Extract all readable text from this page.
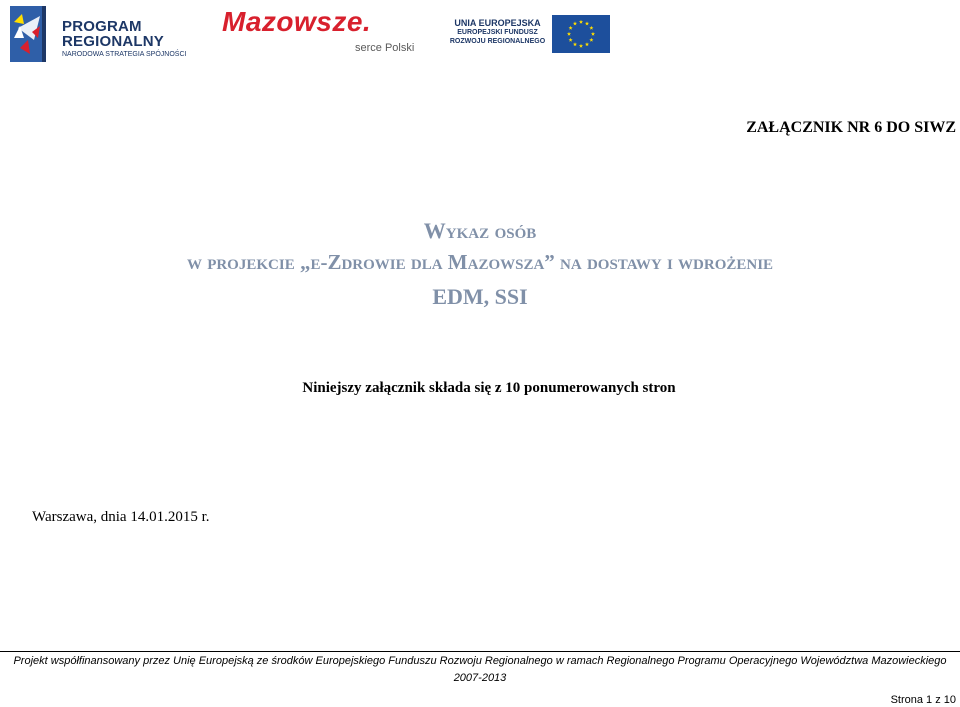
PROGRAM
REGIONALNY
NARODOWA STRATEGIA SPÓJNOŚCI
Mazowsze.
serce Polski
UNIA EUROPEJSKA
EUROPEJSKI FUNDUSZ
ROZWOJU REGIONALNEGO
ZAŁĄCZNIK NR 6 DO SIWZ
Wykaz osób
w projekcie „e-Zdrowie dla Mazowsza” na dostawy i wdrożenie
EDM, SSI
Niniejszy załącznik składa się z 10 ponumerowanych stron
Warszawa, dnia 14.01.2015 r.
Projekt współfinansowany przez Unię Europejską ze środków Europejskiego Funduszu Rozwoju Regionalnego w ramach Regionalnego Programu Operacyjnego Województwa Mazowieckiego
2007-2013
Strona 1 z 10
